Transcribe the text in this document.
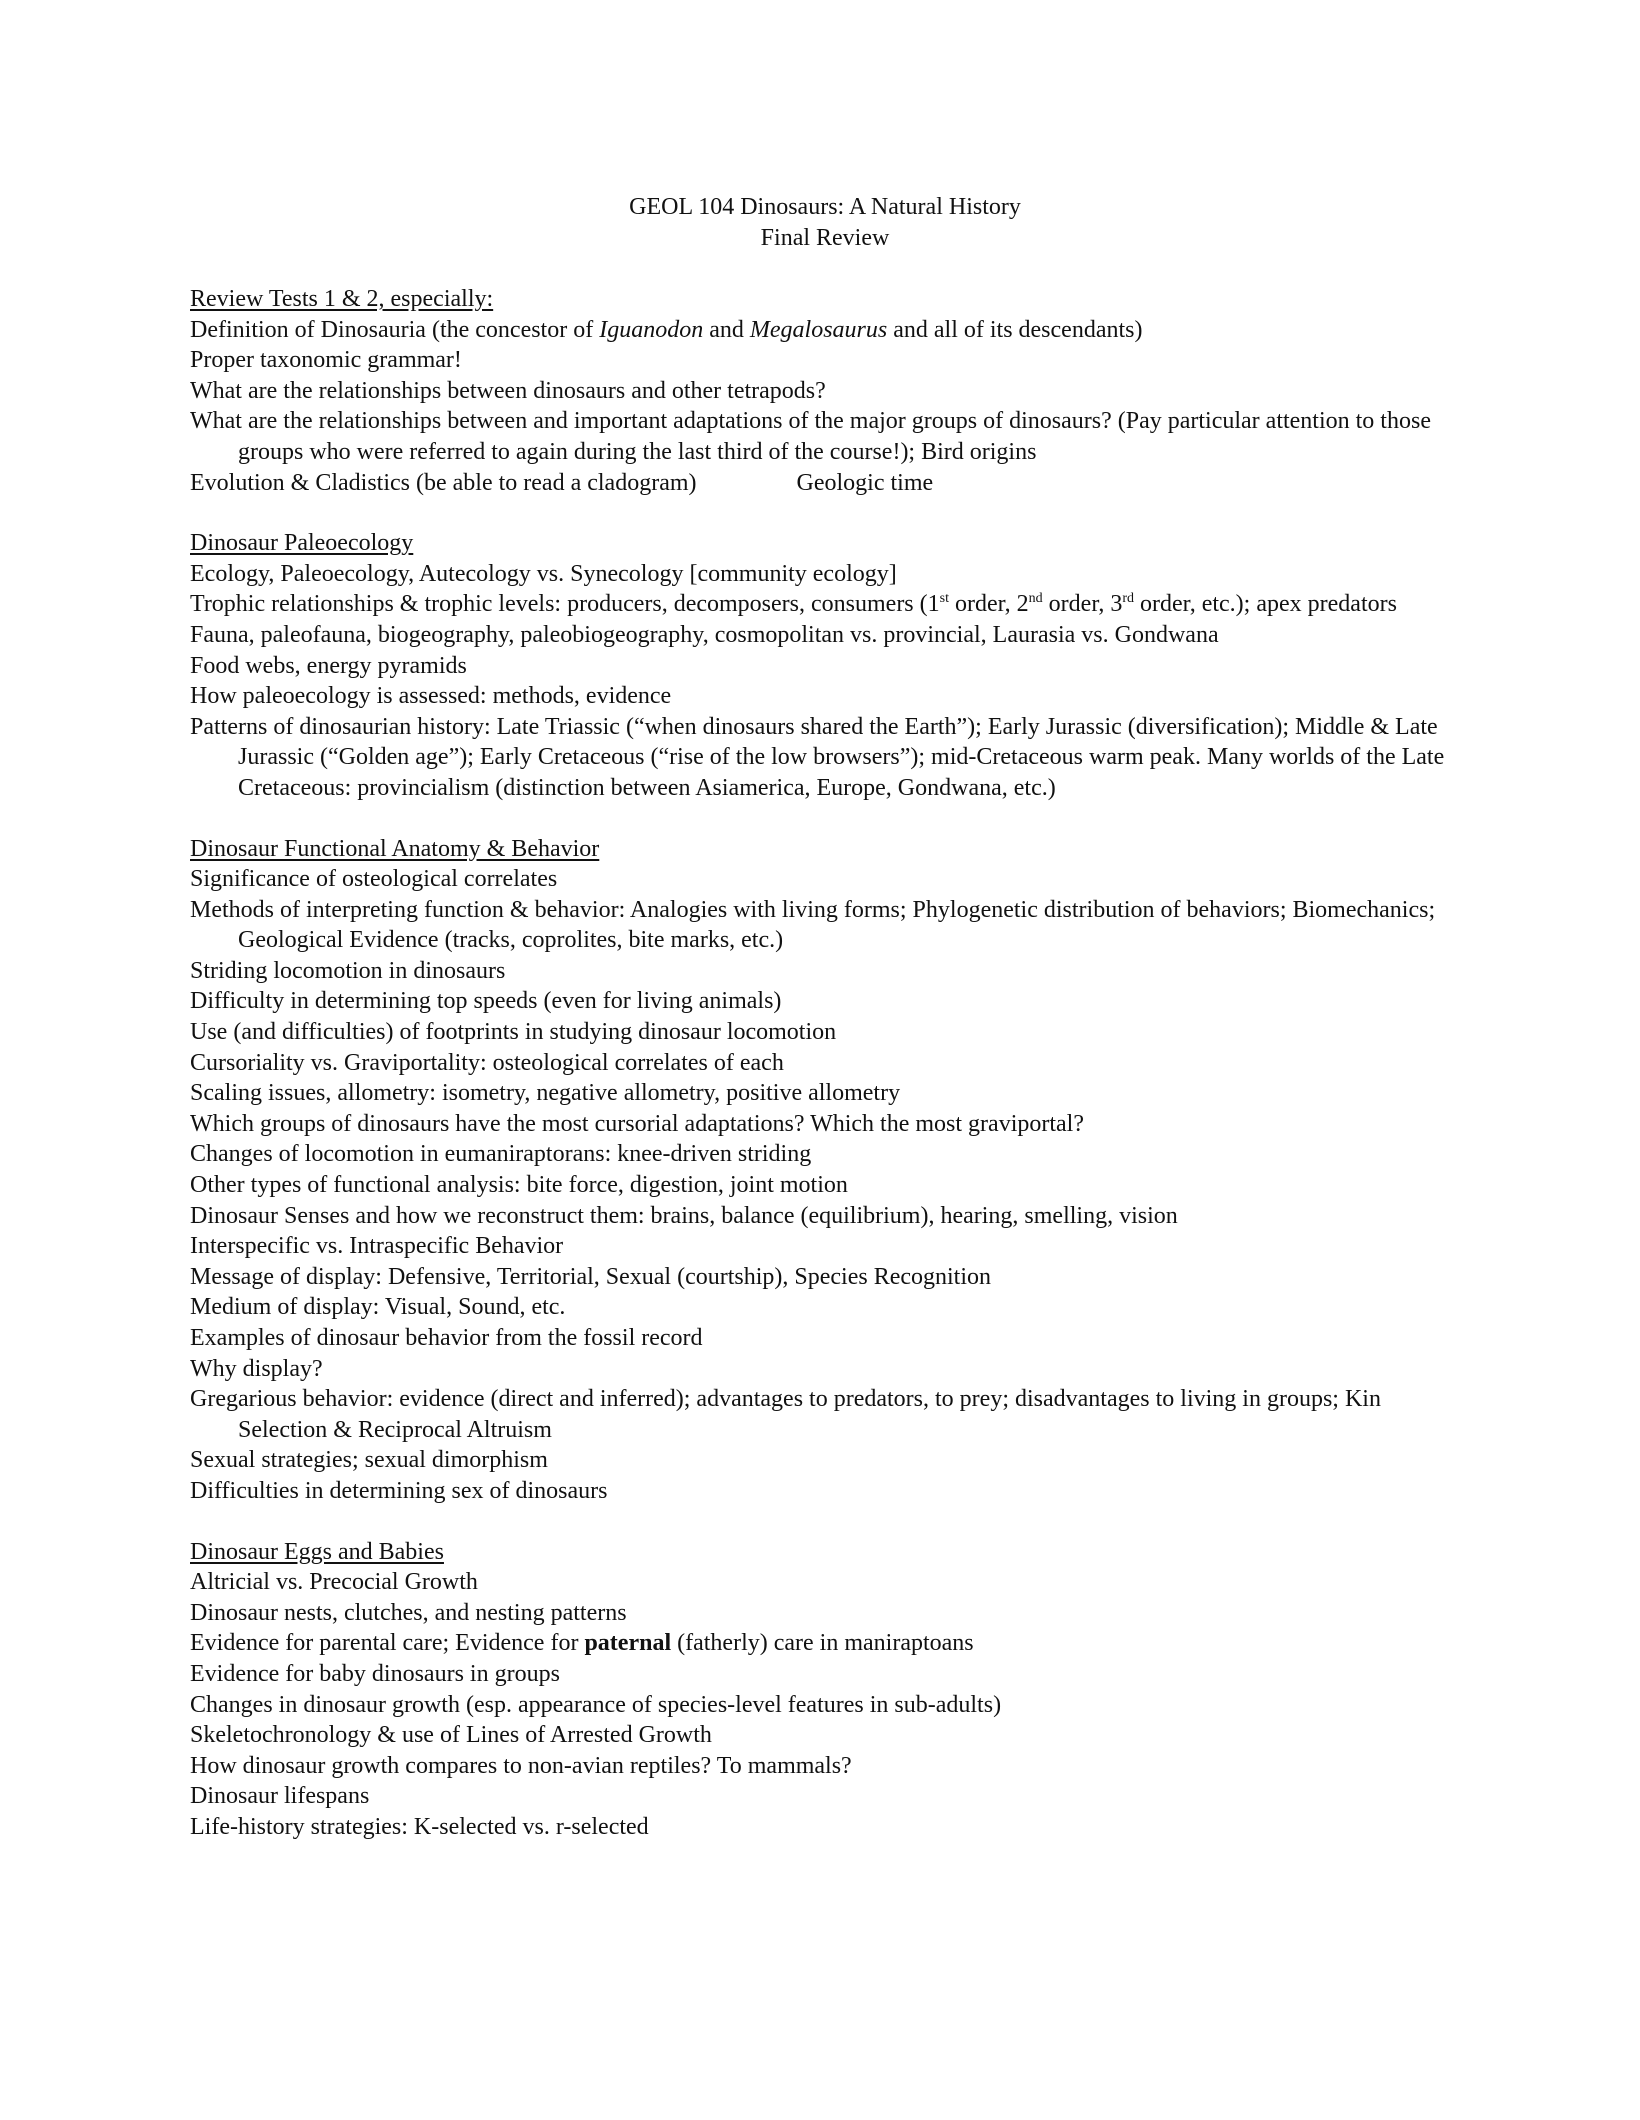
GEOL 104 Dinosaurs: A Natural History

Final Review

Review Tests 1 & 2, especially:

Definition of Dinosauria (the concestor of Iguanodon and Megalosaurus and all of its descendants)

Proper taxonomic grammar!

What are the relationships between dinosaurs and other tetrapods?

What are the relationships between and important adaptations of the major groups of dinosaurs? (Pay particular attention to those groups who were referred to again during the last third of the course!); Bird origins

Evolution & Cladistics (be able to read a cladogram)	Geologic time

Dinosaur Paleoecology

Ecology, Paleoecology, Autecology vs. Synecology [community ecology]

Trophic relationships & trophic levels: producers, decomposers, consumers (1st order, 2nd order, 3rd order, etc.); apex predators

Fauna, paleofauna, biogeography, paleobiogeography, cosmopolitan vs. provincial, Laurasia vs. Gondwana

Food webs, energy pyramids

How paleoecology is assessed: methods, evidence

Patterns of dinosaurian history: Late Triassic (“when dinosaurs shared the Earth”); Early Jurassic (diversification); Middle & Late Jurassic (“Golden age”); Early Cretaceous (“rise of the low browsers”); mid-Cretaceous warm peak. Many worlds of the Late Cretaceous: provincialism (distinction between Asiamerica, Europe, Gondwana, etc.)

Dinosaur Functional Anatomy & Behavior

Significance of osteological correlates

Methods of interpreting function & behavior: Analogies with living forms; Phylogenetic distribution of behaviors; Biomechanics; Geological Evidence (tracks, coprolites, bite marks, etc.)

Striding locomotion in dinosaurs

Difficulty in determining top speeds (even for living animals)

Use (and difficulties) of footprints in studying dinosaur locomotion

Cursoriality vs. Graviportality: osteological correlates of each

Scaling issues, allometry: isometry, negative allometry, positive allometry

Which groups of dinosaurs have the most cursorial adaptations? Which the most graviportal?

Changes of locomotion in eumaniraptorans: knee-driven striding

Other types of functional analysis: bite force, digestion, joint motion

Dinosaur Senses and how we reconstruct them: brains, balance (equilibrium), hearing, smelling, vision

Interspecific vs. Intraspecific Behavior

Message of display: Defensive, Territorial, Sexual (courtship), Species Recognition

Medium of display: Visual, Sound, etc.

Examples of dinosaur behavior from the fossil record

Why display?

Gregarious behavior: evidence (direct and inferred); advantages to predators, to prey; disadvantages to living in groups; Kin Selection & Reciprocal Altruism

Sexual strategies; sexual dimorphism

Difficulties in determining sex of dinosaurs

Dinosaur Eggs and Babies

Altricial vs. Precocial Growth

Dinosaur nests, clutches, and nesting patterns

Evidence for parental care; Evidence for paternal (fatherly) care in maniraptoans

Evidence for baby dinosaurs in groups

Changes in dinosaur growth (esp. appearance of species-level features in sub-adults)

Skeletochronology & use of Lines of Arrested Growth

How dinosaur growth compares to non-avian reptiles? To mammals?

Dinosaur lifespans

Life-history strategies: K-selected vs. r-selected
